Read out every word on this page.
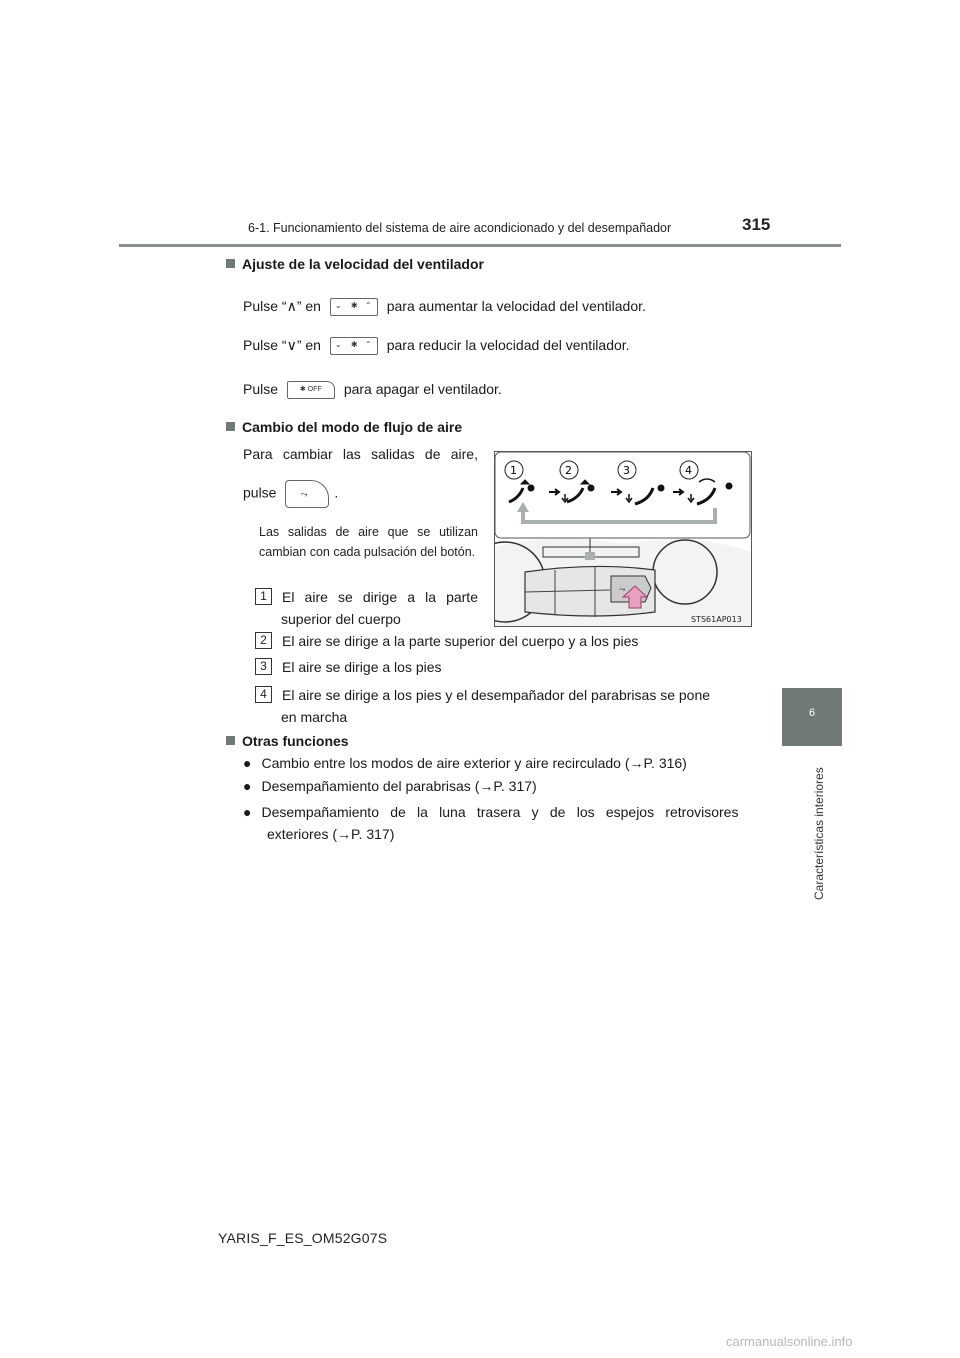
6-1. Funcionamiento del sistema de aire acondicionado y del desempañador	315
6
Características interiores
Ajuste de la velocidad del ventilador
Pulse “∧” en ⌄ ✱ ⌃ para aumentar la velocidad del ventilador.
Pulse “∨” en ⌄ ✱ ⌃ para reducir la velocidad del ventilador.
Pulse	✱ OFF para apagar el ventilador.
Cambio del modo de flujo de aire
Para cambiar las salidas de aire,
pulse	⤳ .
Las salidas de aire que se utilizan cambian con cada pulsación del botón.
1 El aire se dirige a la parte
superior del cuerpo
2 El aire se dirige a la parte superior del cuerpo y a los pies
3 El aire se dirige a los pies
4 El aire se dirige a los pies y el desempañador del parabrisas se pone
en marcha
⤳
1	2	3	4
STS61AP013
Otras funciones
● Cambio entre los modos de aire exterior y aire recirculado (→P. 316)
● Desempañamiento del parabrisas (→P. 317)
● Desempañamiento de la luna trasera y de los espejos retrovisores
exteriores (→P. 317)
YARIS_F_ES_OM52G07S
carmanualsonline.info
